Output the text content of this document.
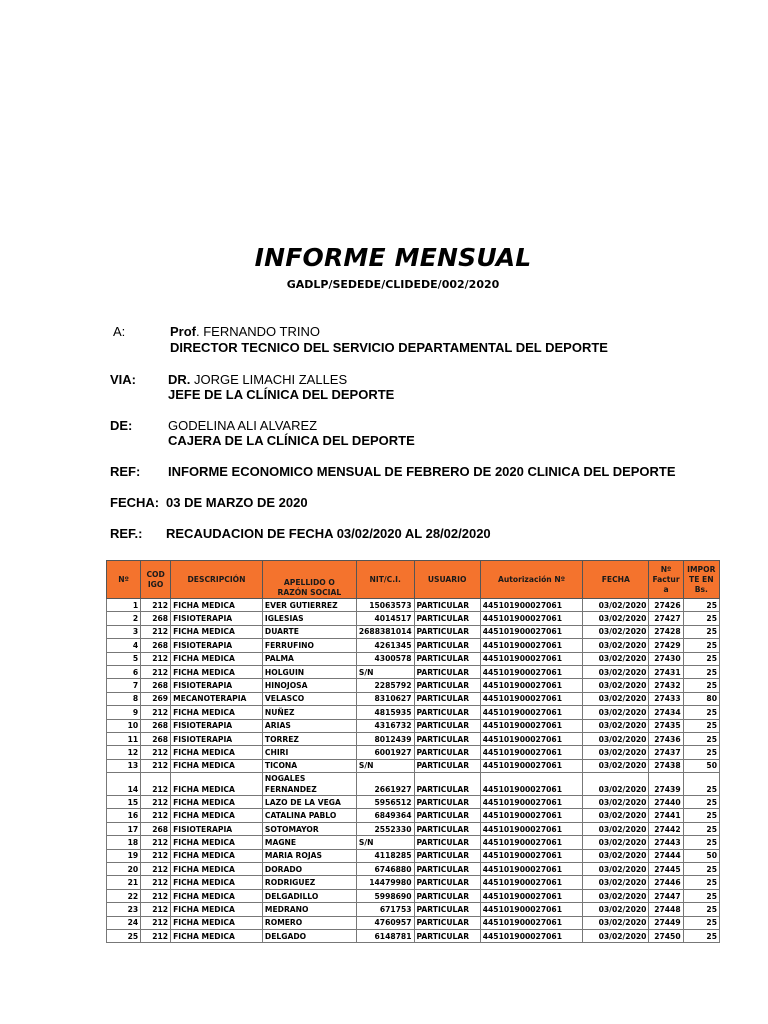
INFORME MENSUAL
GADLP/SEDEDE/CLIDEDE/002/2020
A:	Prof. FERNANDO TRINO
DIRECTOR TECNICO DEL SERVICIO DEPARTAMENTAL DEL DEPORTE
VIA: DR. JORGE LIMACHI ZALLES
JEFE DE LA CLÍNICA DEL DEPORTE
DE:	GODELINA ALI ALVAREZ
CAJERA DE LA CLÍNICA DEL DEPORTE
REF: INFORME ECONOMICO MENSUAL DE FEBRERO DE 2020 CLINICA DEL DEPORTE
FECHA: 03 DE MARZO DE 2020
REF.: RECAUDACION DE FECHA 03/02/2020 AL 28/02/2020
Nº	COD
IGO	DESCRIPCIÓN	APELLIDO O
RAZÓN SOCIAL	NIT/C.I.	USUARIO	Autorización Nº	FECHA	Nº
Factur
a	IMPOR
TE EN
Bs.
1	212	FICHA MEDICA	EVER GUTIERREZ	15063573	PARTICULAR	445101900027061	03/02/2020	27426	25
2	268	FISIOTERAPIA	IGLESIAS	4014517	PARTICULAR	445101900027061	03/02/2020	27427	25
3	212	FICHA MEDICA	DUARTE	2688381014	PARTICULAR	445101900027061	03/02/2020	27428	25
4	268	FISIOTERAPIA	FERRUFINO	4261345	PARTICULAR	445101900027061	03/02/2020	27429	25
5	212	FICHA MEDICA	PALMA	4300578	PARTICULAR	445101900027061	03/02/2020	27430	25
6	212	FICHA MEDICA	HOLGUIN	S/N	PARTICULAR	445101900027061	03/02/2020	27431	25
7	268	FISIOTERAPIA	HINOJOSA	2285792	PARTICULAR	445101900027061	03/02/2020	27432	25
8	269	MECANOTERAPIA	VELASCO	8310627	PARTICULAR	445101900027061	03/02/2020	27433	80
9	212	FICHA MEDICA	NUÑEZ	4815935	PARTICULAR	445101900027061	03/02/2020	27434	25
10	268	FISIOTERAPIA	ARIAS	4316732	PARTICULAR	445101900027061	03/02/2020	27435	25
11	268	FISIOTERAPIA	TORREZ	8012439	PARTICULAR	445101900027061	03/02/2020	27436	25
12	212	FICHA MEDICA	CHIRI	6001927	PARTICULAR	445101900027061	03/02/2020	27437	25
13	212	FICHA MEDICA	TICONA	S/N	PARTICULAR	445101900027061	03/02/2020	27438	50
14	212	FICHA MEDICA	NOGALES FERNANDEZ	2661927	PARTICULAR	445101900027061	03/02/2020	27439	25
15	212	FICHA MEDICA	LAZO DE LA VEGA	5956512	PARTICULAR	445101900027061	03/02/2020	27440	25
16	212	FICHA MEDICA	CATALINA PABLO	6849364	PARTICULAR	445101900027061	03/02/2020	27441	25
17	268	FISIOTERAPIA	SOTOMAYOR	2552330	PARTICULAR	445101900027061	03/02/2020	27442	25
18	212	FICHA MEDICA	MAGNE	S/N	PARTICULAR	445101900027061	03/02/2020	27443	25
19	212	FICHA MEDICA	MARIA ROJAS	4118285	PARTICULAR	445101900027061	03/02/2020	27444	50
20	212	FICHA MEDICA	DORADO	6746880	PARTICULAR	445101900027061	03/02/2020	27445	25
21	212	FICHA MEDICA	RODRIGUEZ	14479980	PARTICULAR	445101900027061	03/02/2020	27446	25
22	212	FICHA MEDICA	DELGADILLO	5998690	PARTICULAR	445101900027061	03/02/2020	27447	25
23	212	FICHA MEDICA	MEDRANO	671753	PARTICULAR	445101900027061	03/02/2020	27448	25
24	212	FICHA MEDICA	ROMERO	4760957	PARTICULAR	445101900027061	03/02/2020	27449	25
25	212	FICHA MEDICA	DELGADO	6148781	PARTICULAR	445101900027061	03/02/2020	27450	25
